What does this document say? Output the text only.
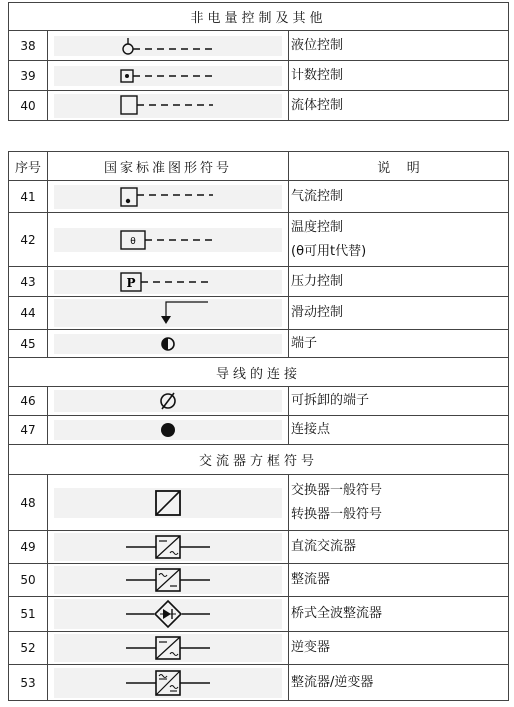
非电量控制及其他		
38		液位控制
39		计数控制
40		流体控制
序号	国家标准图形符号	说    明
41		气流控制
42	θ	温度控制
(θ可用t代替)

43	P	压力控制
44		滑动控制
45		端子
导线的连接		
46		可拆卸的端子
47		连接点
交流器方框符号		
48		交换器一般符号
转换器一般符号

49		直流交流器
50		整流器
51		桥式全波整流器
52		逆变器
53		整流器/逆变器
